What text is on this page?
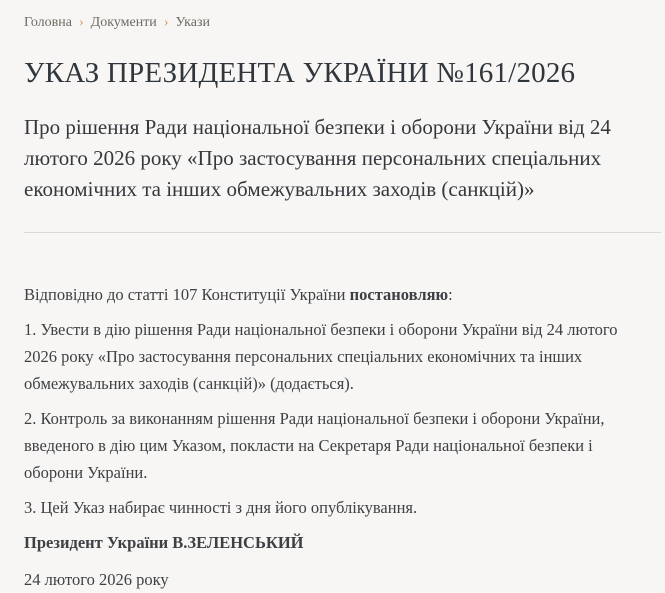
Головна › Документи › Укази
УКАЗ ПРЕЗИДЕНТА УКРАЇНИ №161/2026
Про рішення Ради національної безпеки і оборони України від 24 лютого 2026 року «Про застосування персональних спеціальних економічних та інших обмежувальних заходів (санкцій)»

Відповідно до статті 107 Конституції України постановляю:

1. Увести в дію рішення Ради національної безпеки і оборони України від 24 лютого 2026 року «Про застосування персональних спеціальних економічних та інших обмежувальних заходів (санкцій)» (додається).

2. Контроль за виконанням рішення Ради національної безпеки і оборони України, введеного в дію цим Указом, покласти на Секретаря Ради національної безпеки і оборони України.

3. Цей Указ набирає чинності з дня його опублікування.

Президент України В.ЗЕЛЕНСЬКИЙ

24 лютого 2026 року
